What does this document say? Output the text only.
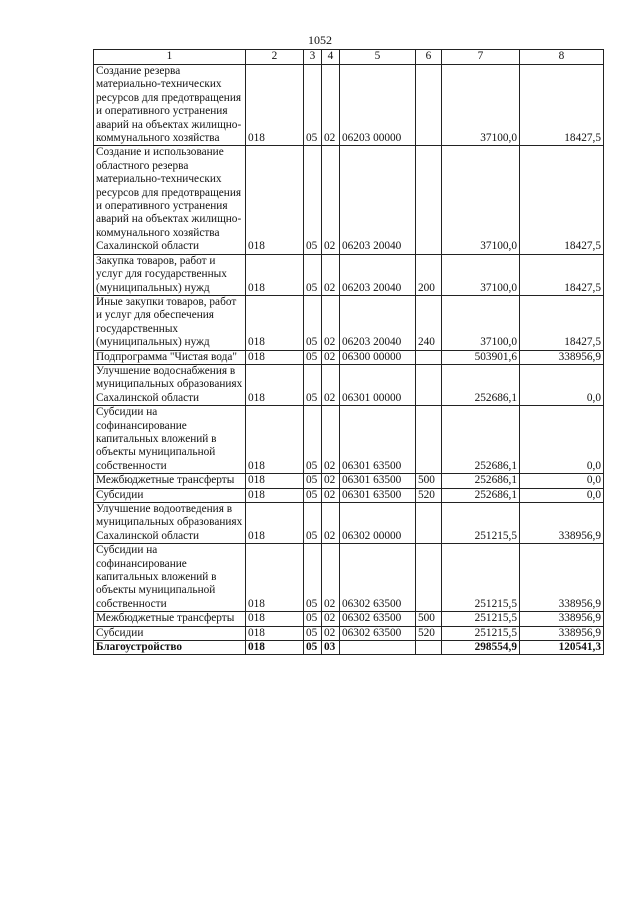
1052
1	2	3	4	5	6	7	8
Создание резерва материально-технических ресурсов для предотвращения и оперативного устранения аварий на объектах жилищно-коммунального хозяйства	018	05	02	06203 00000		37100,0	18427,5
Создание и использование областного резерва материально-технических ресурсов для предотвращения и оперативного устранения аварий на объектах жилищно-коммунального хозяйства Сахалинской области	018	05	02	06203 20040		37100,0	18427,5
Закупка товаров, работ и услуг для государственных (муниципальных) нужд	018	05	02	06203 20040	200	37100,0	18427,5
Иные закупки товаров, работ и услуг для обеспечения государственных (муниципальных) нужд	018	05	02	06203 20040	240	37100,0	18427,5
Подпрограмма "Чистая вода"	018	05	02	06300 00000		503901,6	338956,9
Улучшение водоснабжения в муниципальных образованиях Сахалинской области	018	05	02	06301 00000		252686,1	0,0
Субсидии на софинансирование капитальных вложений в объекты муниципальной собственности	018	05	02	06301 63500		252686,1	0,0
Межбюджетные трансферты	018	05	02	06301 63500	500	252686,1	0,0
Субсидии	018	05	02	06301 63500	520	252686,1	0,0
Улучшение водоотведения в муниципальных образованиях Сахалинской области	018	05	02	06302 00000		251215,5	338956,9
Субсидии на софинансирование капитальных вложений в объекты муниципальной собственности	018	05	02	06302 63500		251215,5	338956,9
Межбюджетные трансферты	018	05	02	06302 63500	500	251215,5	338956,9
Субсидии	018	05	02	06302 63500	520	251215,5	338956,9
Благоустройство	018	05	03			298554,9	120541,3
